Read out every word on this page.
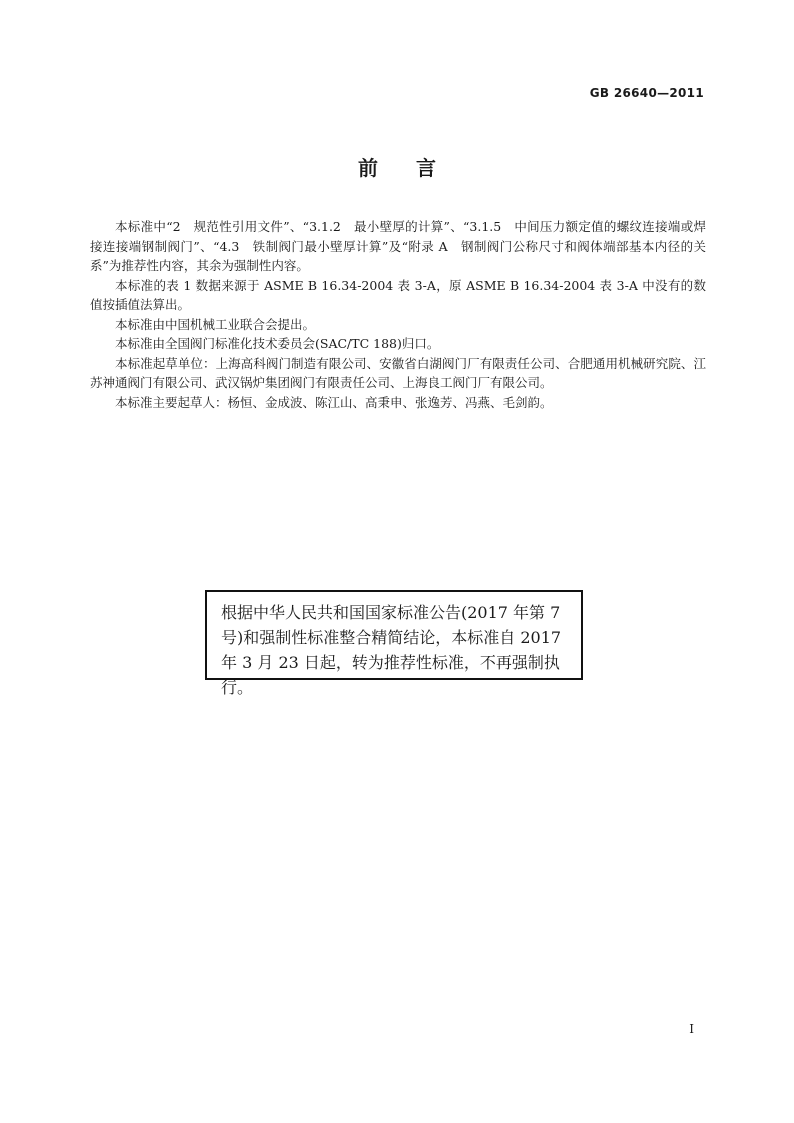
GB 26640—2011
前言

本标准中“2　规范性引用文件”、“3.1.2　最小壁厚的计算”、“3.1.5　中间压力额定值的螺纹连接端或焊接连接端钢制阀门”、“4.3　铁制阀门最小壁厚计算”及“附录 A　钢制阀门公称尺寸和阀体端部基本内径的关系”为推荐性内容，其余为强制性内容。

本标准的表 1 数据来源于 ASME B 16.34-2004 表 3-A，原 ASME B 16.34-2004 表 3-A 中没有的数值按插值法算出。

本标准由中国机械工业联合会提出。

本标准由全国阀门标准化技术委员会(SAC/TC 188)归口。

本标准起草单位：上海高科阀门制造有限公司、安徽省白湖阀门厂有限责任公司、合肥通用机械研究院、江苏神通阀门有限公司、武汉锅炉集团阀门有限责任公司、上海良工阀门厂有限公司。

本标准主要起草人：杨恒、金成波、陈江山、高秉申、张逸芳、冯燕、毛剑韵。

根据中华人民共和国国家标准公告(2017 年第 7 号)和强制性标准整合精简结论，本标准自 2017 年 3 月 23 日起，转为推荐性标准，不再强制执行。

I
